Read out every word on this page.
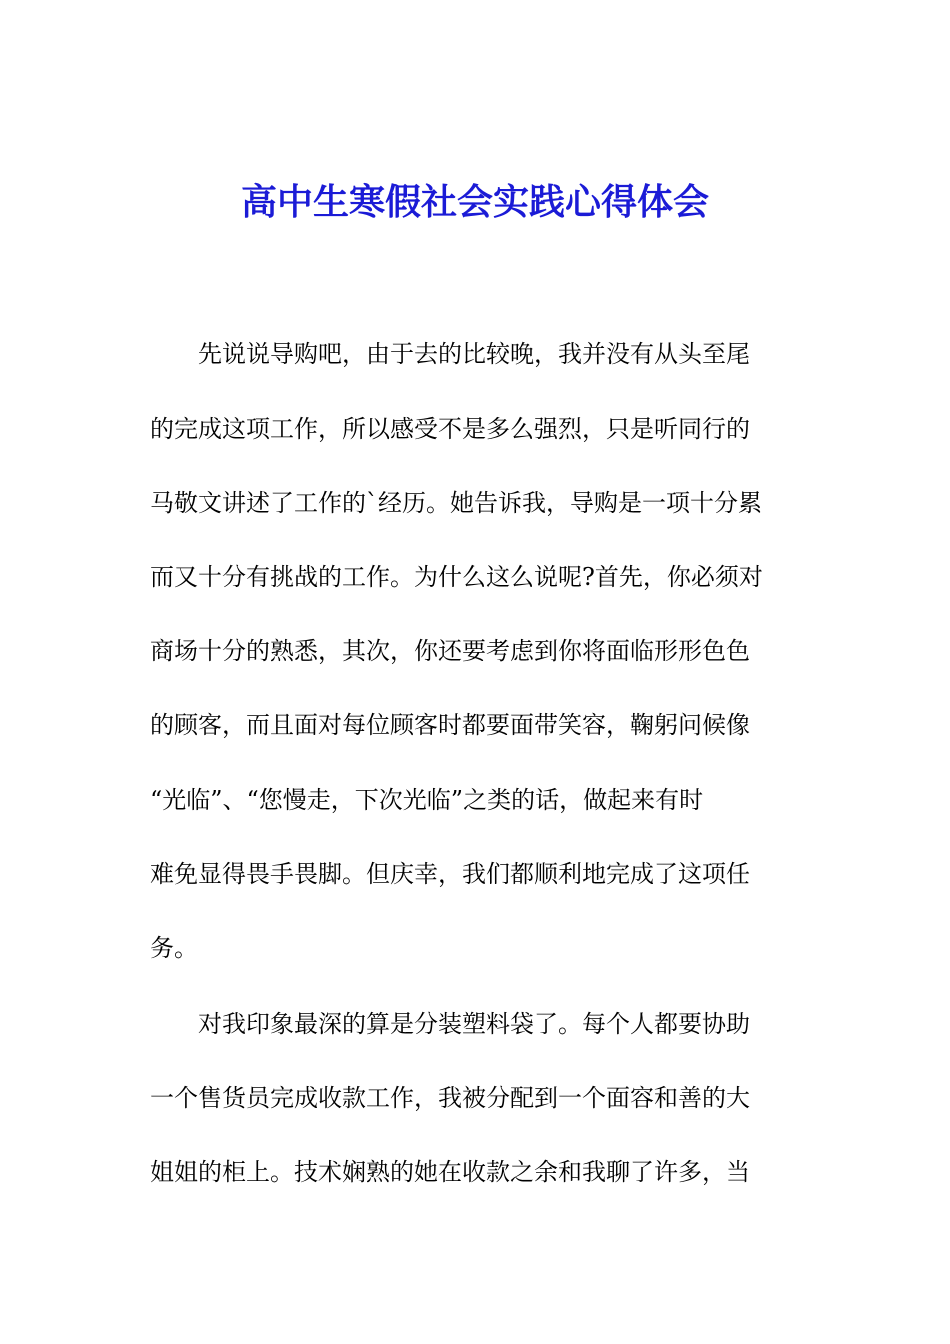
高中生寒假社会实践心得体会
　　先说说导购吧，由于去的比较晚，我并没有从头至尾
的完成这项工作，所以感受不是多么强烈，只是听同行的
马敬文讲述了工作的`经历。她告诉我，导购是一项十分累
而又十分有挑战的工作。为什么这么说呢?首先，你必须对
商场十分的熟悉，其次，你还要考虑到你将面临形形色色
的顾客，而且面对每位顾客时都要面带笑容，鞠躬问候像
“光临”、“您慢走，下次光临”之类的话，做起来有时
难免显得畏手畏脚。但庆幸，我们都顺利地完成了这项任
务。
　　对我印象最深的算是分装塑料袋了。每个人都要协助
一个售货员完成收款工作，我被分配到一个面容和善的大
姐姐的柜上。技术娴熟的她在收款之余和我聊了许多，当
